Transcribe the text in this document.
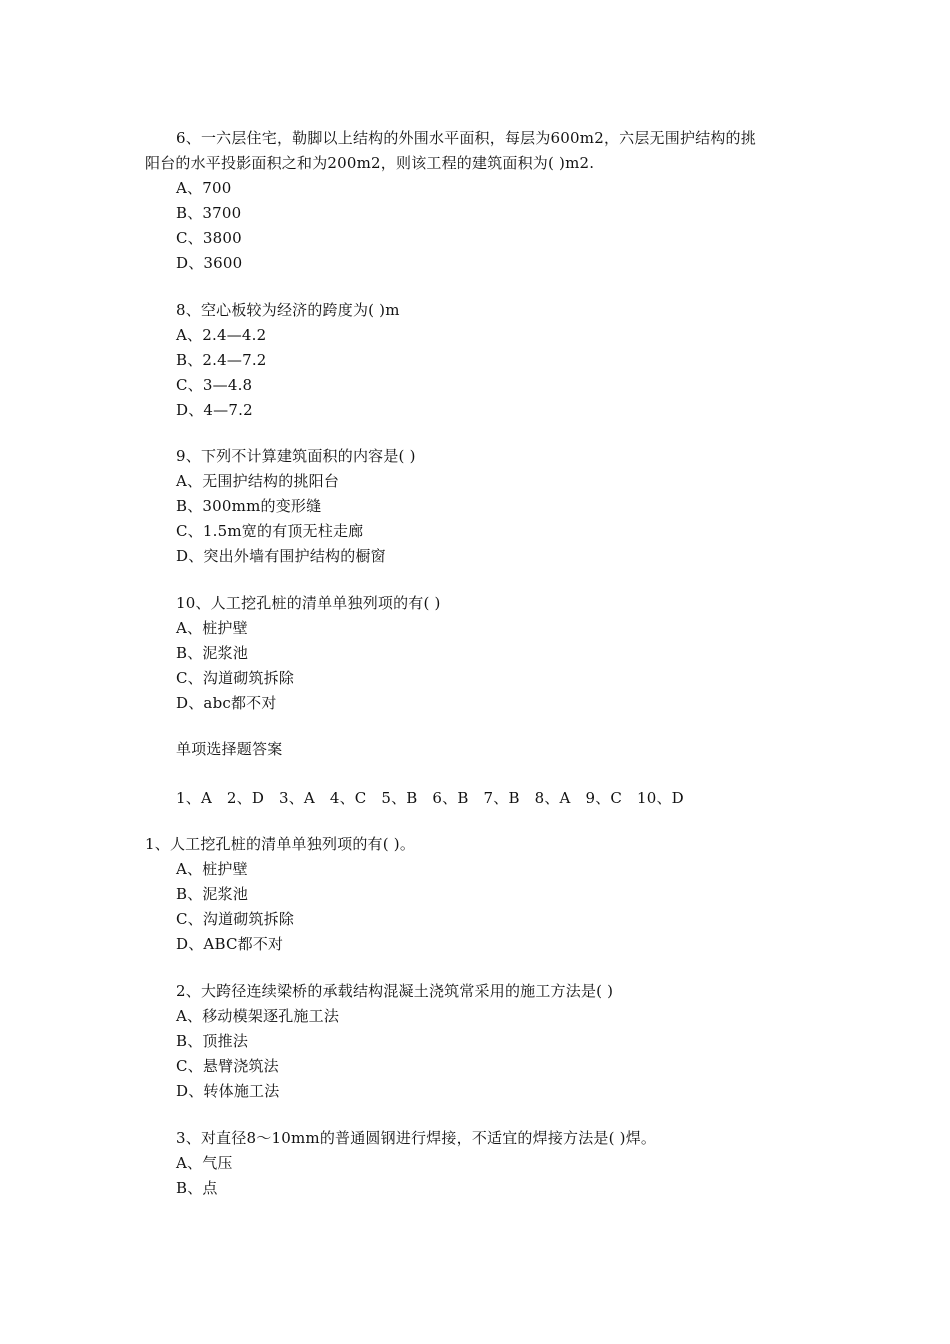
6、一六层住宅，勒脚以上结构的外围水平面积，每层为600m2，六层无围护结构的挑
阳台的水平投影面积之和为200m2，则该工程的建筑面积为( )m2.
A、700
B、3700
C、3800
D、3600
8、空心板较为经济的跨度为( )m
A、2.4—4.2
B、2.4—7.2
C、3—4.8
D、4—7.2
9、下列不计算建筑面积的内容是( )
A、无围护结构的挑阳台
B、300mm的变形缝
C、1.5m宽的有顶无柱走廊
D、突出外墙有围护结构的橱窗
10、人工挖孔桩的清单单独列项的有( )
A、桩护壁
B、泥浆池
C、沟道砌筑拆除
D、abc都不对
单项选择题答案
1、A   2、D   3、A   4、C   5、B   6、B   7、B   8、A   9、C   10、D
1、人工挖孔桩的清单单独列项的有( )。
A、桩护壁
B、泥浆池
C、沟道砌筑拆除
D、ABC都不对
2、大跨径连续梁桥的承载结构混凝土浇筑常采用的施工方法是( )
A、移动模架逐孔施工法
B、顶推法
C、悬臂浇筑法
D、转体施工法
3、对直径8～10mm的普通圆钢进行焊接，不适宜的焊接方法是( )焊。
A、气压
B、点
